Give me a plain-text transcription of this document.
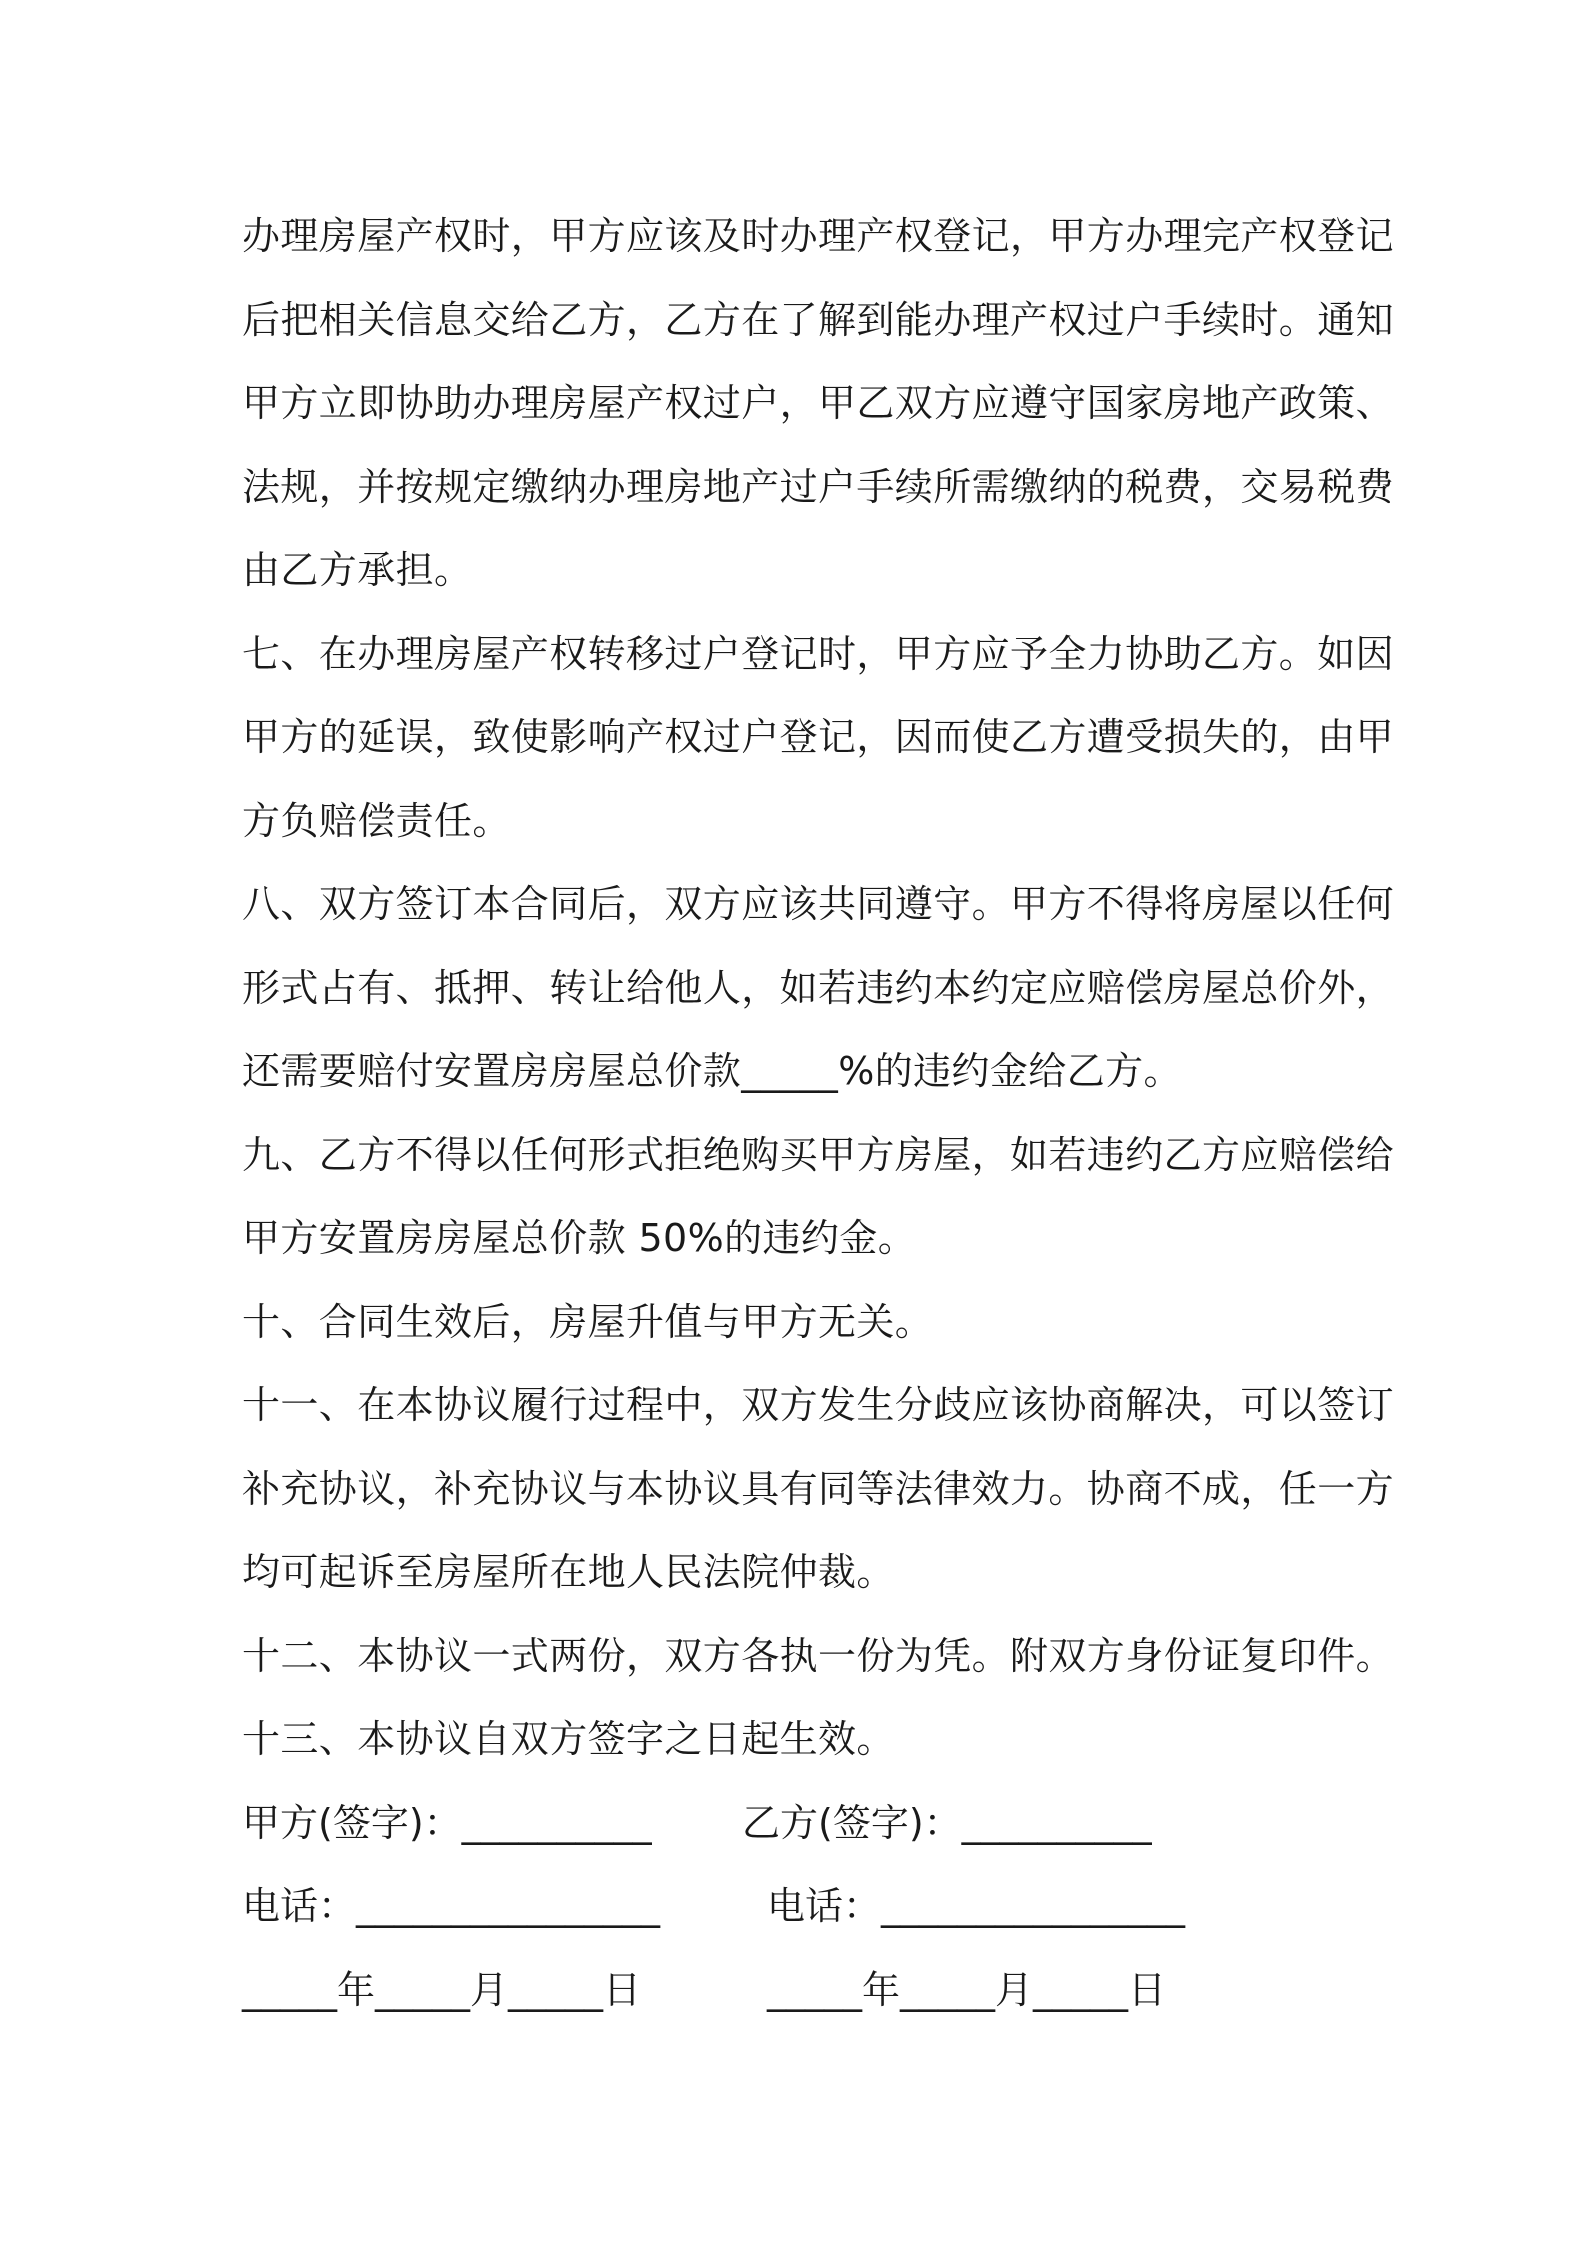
办理房屋产权时，甲方应该及时办理产权登记，甲方办理完产权登记
后把相关信息交给乙方，乙方在了解到能办理产权过户手续时。通知
甲方立即协助办理房屋产权过户，甲乙双方应遵守国家房地产政策、
法规，并按规定缴纳办理房地产过户手续所需缴纳的税费，交易税费
由乙方承担。
七、在办理房屋产权转移过户登记时，甲方应予全力协助乙方。如因
甲方的延误，致使影响产权过户登记，因而使乙方遭受损失的，由甲
方负赔偿责任。
八、双方签订本合同后，双方应该共同遵守。甲方不得将房屋以任何
形式占有、抵押、转让给他人，如若违约本约定应赔偿房屋总价外，
还需要赔付安置房房屋总价款_____%的违约金给乙方。
九、乙方不得以任何形式拒绝购买甲方房屋，如若违约乙方应赔偿给
甲方安置房房屋总价款 50%的违约金。
十、合同生效后，房屋升值与甲方无关。
十一、在本协议履行过程中，双方发生分歧应该协商解决，可以签订
补充协议，补充协议与本协议具有同等法律效力。协商不成，任一方
均可起诉至房屋所在地人民法院仲裁。
十二、本协议一式两份，双方各执一份为凭。附双方身份证复印件。
十三、本协议自双方签字之日起生效。
甲方(签字)：__________ 乙方(签字)：__________
电话：________________	电话：________________
_____年_____月_____日	_____年_____月_____日
